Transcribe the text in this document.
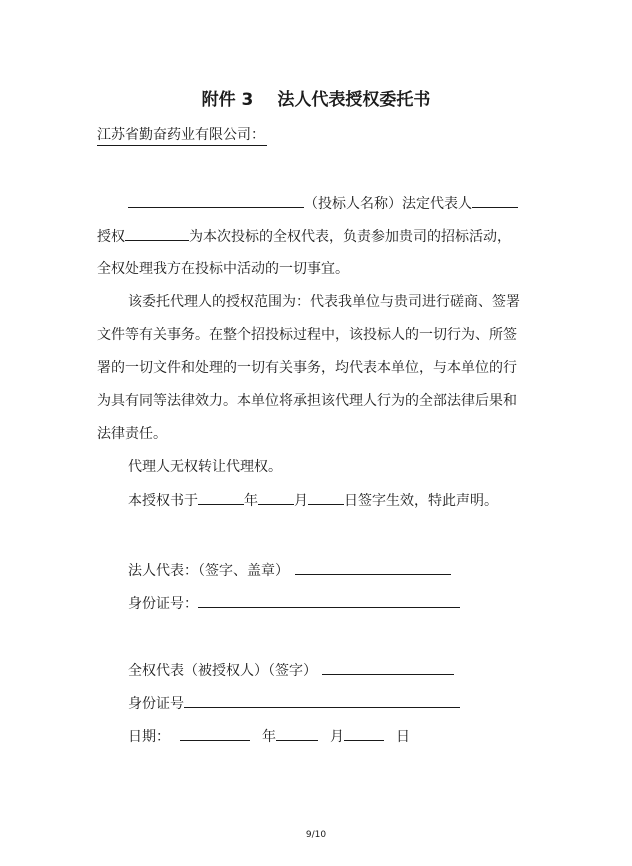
附件 3 法人代表授权委托书
江苏省勤奋药业有限公司：
（投标人名称）法定代表人
授权	为本次投标的全权代表，负责参加贵司的招标活动，
全权处理我方在投标中活动的一切事宜。
该委托代理人的授权范围为：代表我单位与贵司进行磋商、签署
文件等有关事务。在整个招投标过程中，该投标人的一切行为、所签
署的一切文件和处理的一切有关事务，均代表本单位，与本单位的行
为具有同等法律效力。本单位将承担该代理人行为的全部法律后果和
法律责任。
代理人无权转让代理权。
本授权书于	年	月	日签字生效，特此声明。
法人代表：（签字、盖章）
身份证号：
全权代表（被授权人）（签字）
身份证号
日期：	年	月	日
9/10
